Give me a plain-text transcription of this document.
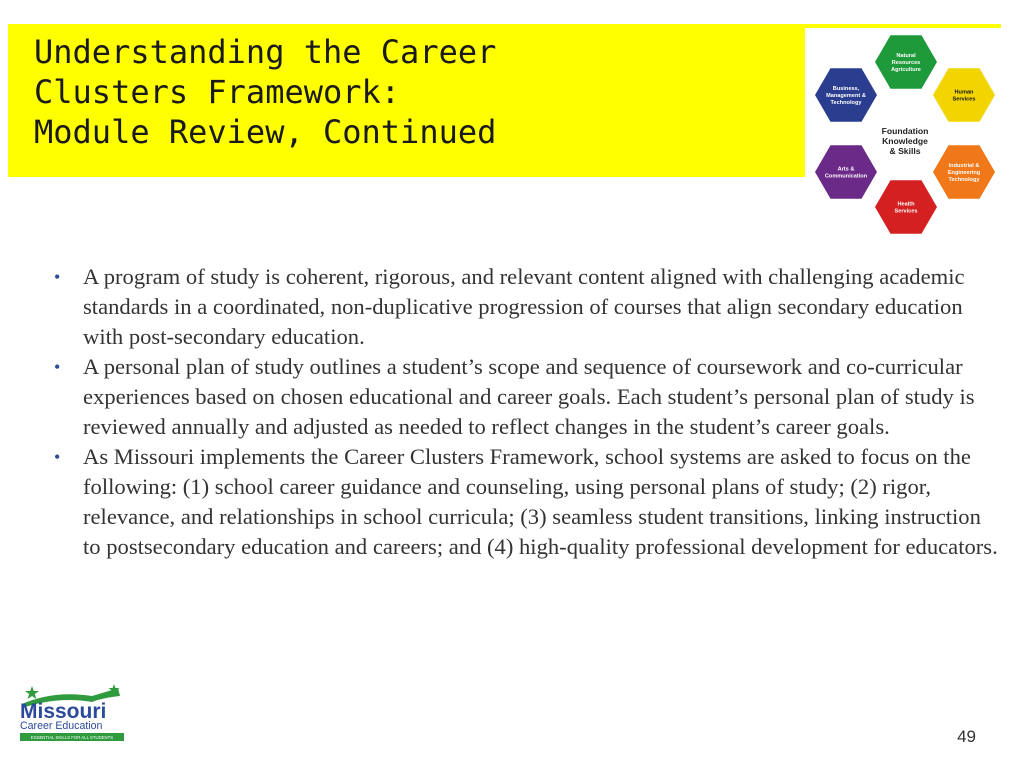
Understanding the Career
Clusters Framework:
Module Review, Continued
Natural
Resources
Agriculture
Human
Services
Industrial &
Engineering
Technology
Health
Services
Arts &
Communication
Business,
Management &
Technology
Foundation
Knowledge
& Skills
• A program of study is coherent, rigorous, and relevant content aligned with challenging academic standards in a coordinated, non-duplicative progression of courses that align secondary education with post-secondary education.
• A personal plan of study outlines a student’s scope and sequence of coursework and co-curricular experiences based on chosen educational and career goals. Each student’s personal plan of study is reviewed annually and adjusted as needed to reflect changes in the student’s career goals.
• As Missouri implements the Career Clusters Framework, school systems are asked to focus on the following: (1) school career guidance and counseling, using personal plans of study; (2) rigor, relevance, and relationships in school curricula; (3) seamless student transitions, linking instruction to postsecondary education and careers; and (4) high-quality professional development for educators.
Missouri
Career Education
ESSENTIAL SKILLS FOR ALL STUDENTS	49
